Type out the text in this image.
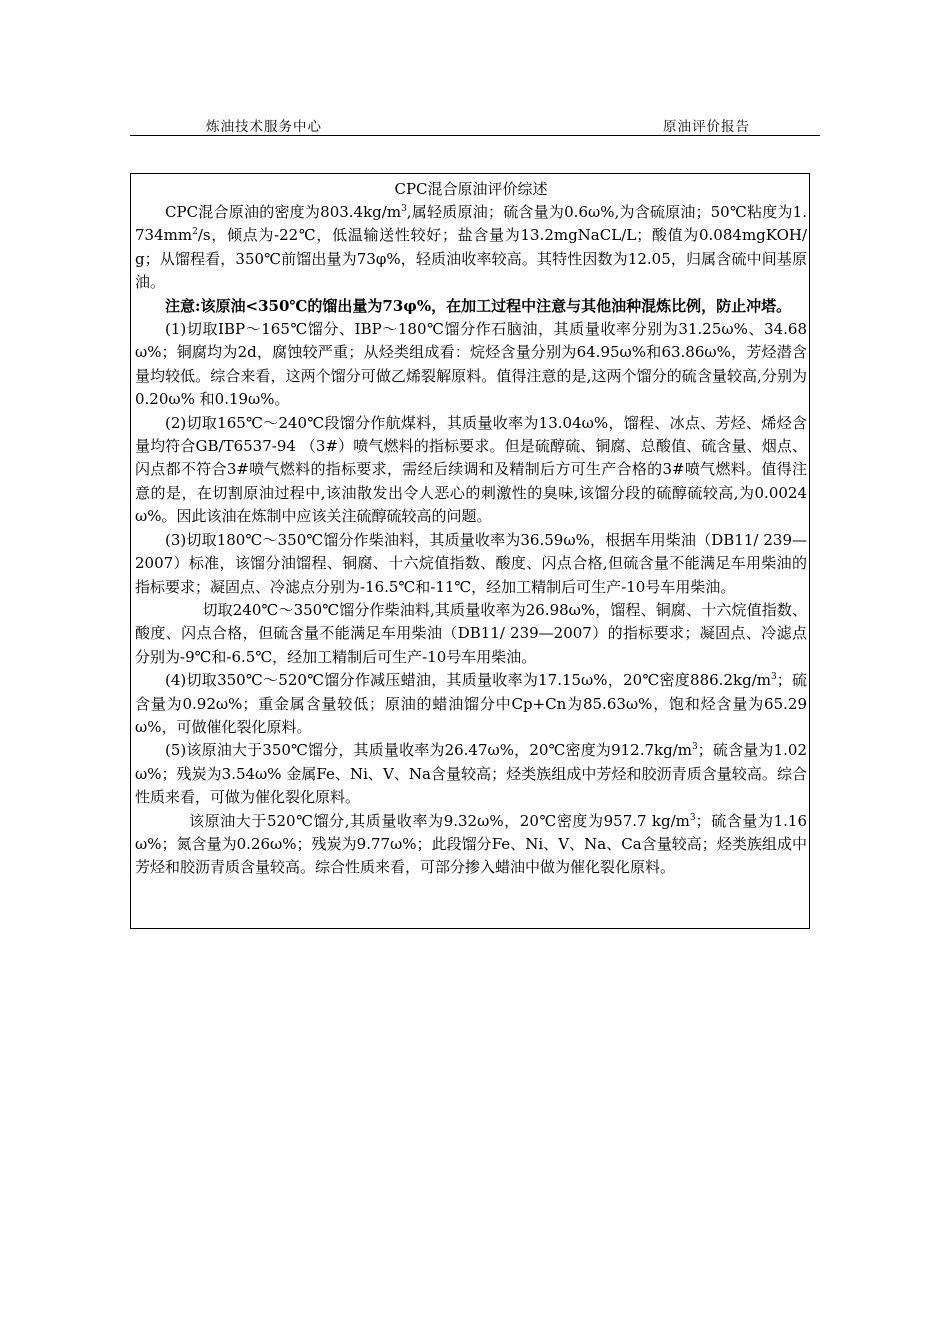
炼油技术服务中心	原油评价报告
CPC混合原油评价综述

CPC混合原油的密度为$803.4kg/m^3$,属轻质原油；硫含量为0.6ω%,为含硫原油；50℃粘度为$1.734mm^2/s$，倾点为-22℃，低温输送性较好；盐含量为13.2mgNaCL/L；酸值为0.084mgKOH/g；从馏程看，350℃前馏出量为73φ%，轻质油收率较高。其特性因数为12.05，归属含硫中间基原油。

注意:该原油<350℃的馏出量为73φ%，在加工过程中注意与其他油种混炼比例，防止冲塔。

(1)切取IBP～165℃馏分、IBP～180℃馏分作石脑油，其质量收率分别为31.25ω%、34.68ω%；铜腐均为2d，腐蚀较严重；从烃类组成看：烷烃含量分别为64.95ω%和63.86ω%，芳烃潜含量均较低。综合来看，这两个馏分可做乙烯裂解原料。值得注意的是,这两个馏分的硫含量较高,分别为0.20ω% 和0.19ω%。

(2)切取165℃～240℃段馏分作航煤料，其质量收率为13.04ω%，馏程、冰点、芳烃、烯烃含量均符合GB/T6537-94 （3#）喷气燃料的指标要求。但是硫醇硫、铜腐、总酸值、硫含量、烟点、闪点都不符合3#喷气燃料的指标要求，需经后续调和及精制后方可生产合格的3#喷气燃料。值得注意的是，在切割原油过程中,该油散发出令人恶心的刺激性的臭味,该馏分段的硫醇硫较高,为0.0024ω%。因此该油在炼制中应该关注硫醇硫较高的问题。

(3)切取180℃～350℃馏分作柴油料，其质量收率为36.59ω%，根据车用柴油（DB11/ 239—2007）标准，该馏分油馏程、铜腐、十六烷值指数、酸度、闪点合格,但硫含量不能满足车用柴油的指标要求；凝固点、冷滤点分别为-16.5℃和-11℃，经加工精制后可生产-10号车用柴油。

切取240℃～350℃馏分作柴油料,其质量收率为26.98ω%，馏程、铜腐、十六烷值指数、酸度、闪点合格，但硫含量不能满足车用柴油（DB11/ 239—2007）的指标要求；凝固点、冷滤点分别为-9℃和-6.5℃，经加工精制后可生产-10号车用柴油。

(4)切取350℃～520℃馏分作减压蜡油，其质量收率为17.15ω%，20℃密度$886.2kg/m^3$；硫含量为0.92ω%；重金属含量较低；原油的蜡油馏分中Cp+Cn为85.63ω%，饱和烃含量为65.29ω%，可做催化裂化原料。

(5)该原油大于350℃馏分，其质量收率为26.47ω%，20℃密度为$912.7kg/m^3$；硫含量为1.02ω%；残炭为3.54ω% 金属Fe、Ni、V、Na含量较高；烃类族组成中芳烃和胶沥青质含量较高。综合性质来看，可做为催化裂化原料。

该原油大于520℃馏分,其质量收率为9.32ω%，20℃密度为957.7 $kg/m^3$；硫含量为1.16ω%；氮含量为0.26ω%；残炭为9.77ω%；此段馏分Fe、Ni、V、Na、Ca含量较高；烃类族组成中芳烃和胶沥青质含量较高。综合性质来看，可部分掺入蜡油中做为催化裂化原料。
